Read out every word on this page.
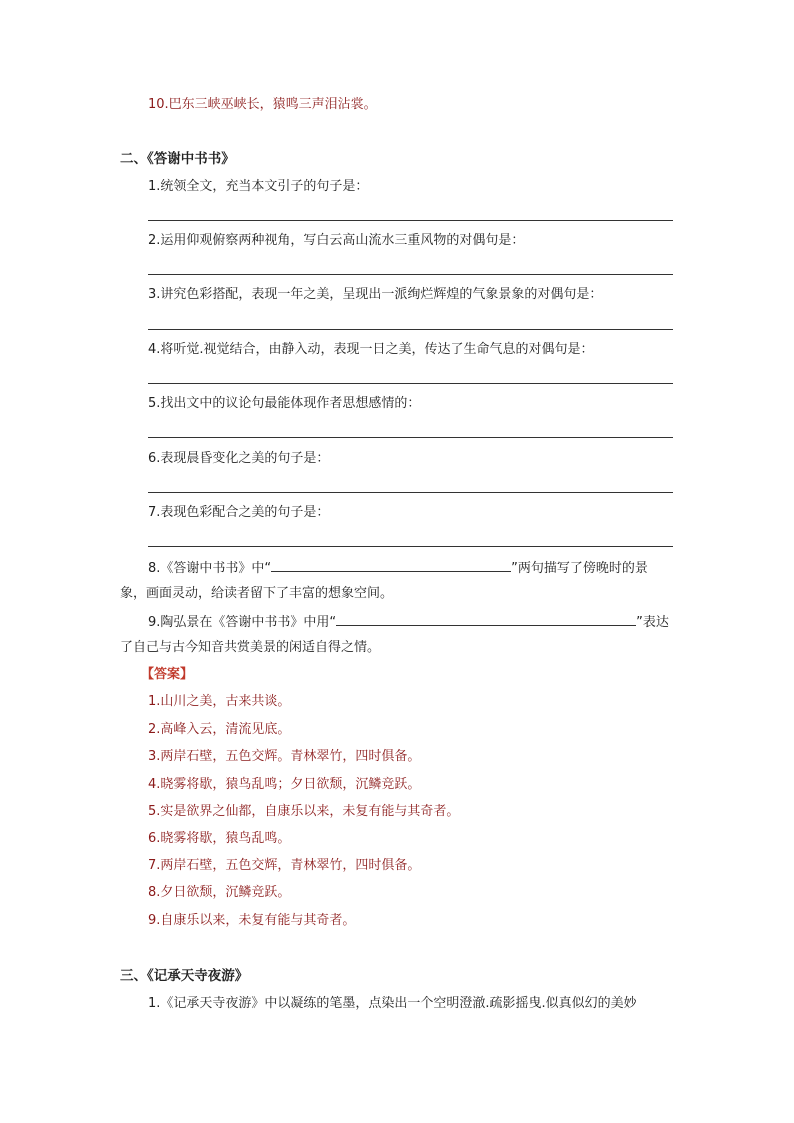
10.巴东三峡巫峡长，猿鸣三声泪沾裳。
二、《答谢中书书》
1.统领全文，充当本文引子的句子是：
2.运用仰观俯察两种视角，写白云高山流水三重风物的对偶句是：
3.讲究色彩搭配，表现一年之美，呈现出一派绚烂辉煌的气象景象的对偶句是：
4.将听觉.视觉结合，由静入动，表现一日之美，传达了生命气息的对偶句是：
5.找出文中的议论句最能体现作者思想感情的：
6.表现晨昏变化之美的句子是：
7.表现色彩配合之美的句子是：
8.《答谢中书书》中“	”两句描写了傍晚时的景
象，画面灵动，给读者留下了丰富的想象空间。
9.陶弘景在《答谢中书书》中用“	”表达
了自己与古今知音共赏美景的闲适自得之情。
【答案】
1.山川之美，古来共谈。
2.高峰入云，清流见底。
3.两岸石壁，五色交辉。青林翠竹，四时俱备。
4.晓雾将歇，猿鸟乱鸣；夕日欲颓，沉鳞竞跃。
5.实是欲界之仙都，自康乐以来，未复有能与其奇者。
6.晓雾将歇，猿鸟乱鸣。
7.两岸石壁，五色交辉，青林翠竹，四时俱备。
8.夕日欲颓，沉鳞竞跃。
9.自康乐以来，未复有能与其奇者。
三、《记承天寺夜游》
1.《记承天寺夜游》中以凝练的笔墨，点染出一个空明澄澈.疏影摇曳.似真似幻的美妙
